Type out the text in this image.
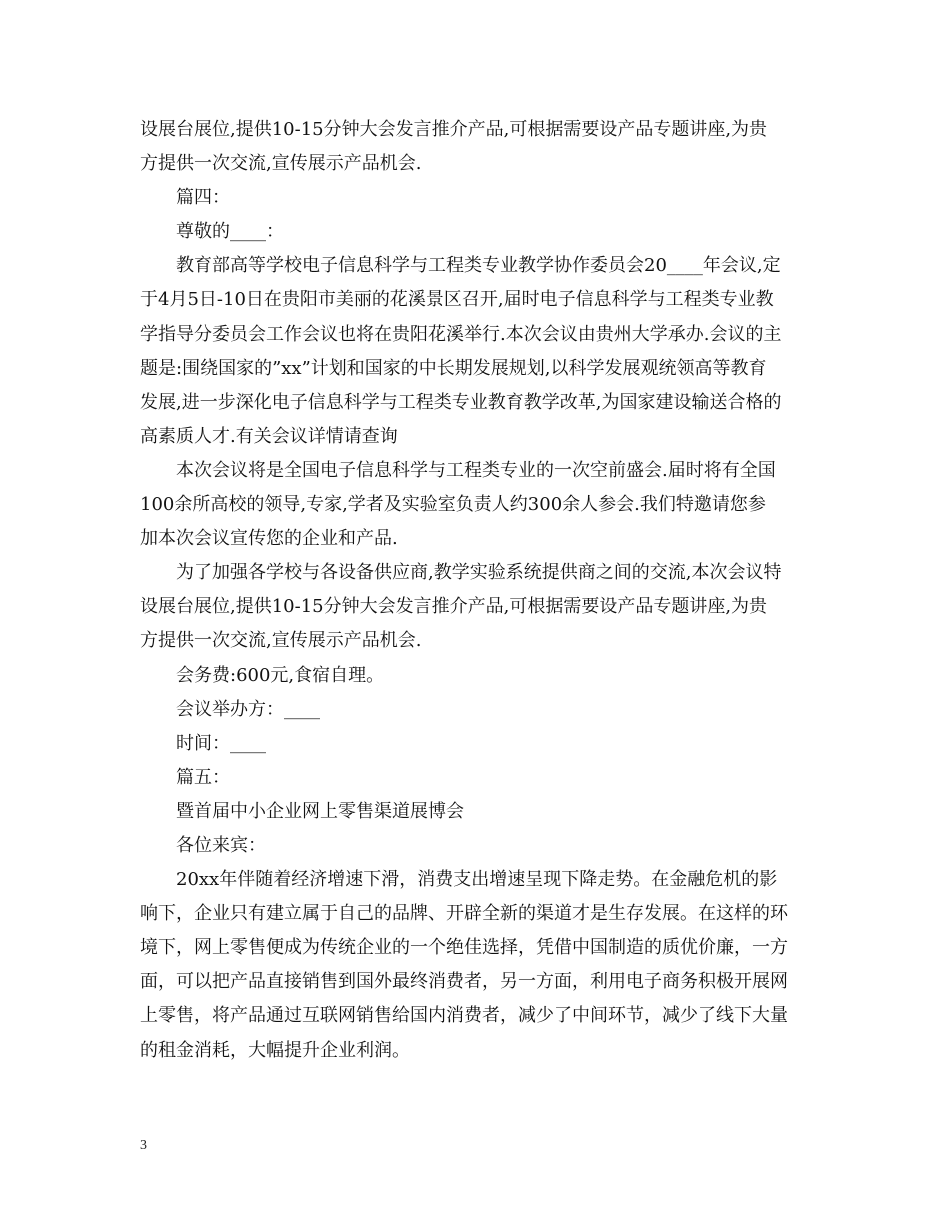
设展台展位,提供10-15分钟大会发言推介产品,可根据需要设产品专题讲座,为贵
方提供一次交流,宣传展示产品机会.
篇四：
尊敬的____：
教育部高等学校电子信息科学与工程类专业教学协作委员会20____年会议,定
于4月5日-10日在贵阳市美丽的花溪景区召开,届时电子信息科学与工程类专业教
学指导分委员会工作会议也将在贵阳花溪举行.本次会议由贵州大学承办.会议的主
题是:围绕国家的”xx”计划和国家的中长期发展规划,以科学发展观统领高等教育
发展,进一步深化电子信息科学与工程类专业教育教学改革,为国家建设输送合格的
高素质人才.有关会议详情请查询
本次会议将是全国电子信息科学与工程类专业的一次空前盛会.届时将有全国
100余所高校的领导,专家,学者及实验室负责人约300余人参会.我们特邀请您参
加本次会议宣传您的企业和产品.
为了加强各学校与各设备供应商,教学实验系统提供商之间的交流,本次会议特
设展台展位,提供10-15分钟大会发言推介产品,可根据需要设产品专题讲座,为贵
方提供一次交流,宣传展示产品机会.
会务费:600元,食宿自理。
会议举办方：____
时间：____
篇五：
暨首届中小企业网上零售渠道展博会
各位来宾：
20xx年伴随着经济增速下滑，消费支出增速呈现下降走势。在金融危机的影
响下，企业只有建立属于自己的品牌、开辟全新的渠道才是生存发展。在这样的环
境下，网上零售便成为传统企业的一个绝佳选择，凭借中国制造的质优价廉，一方
面，可以把产品直接销售到国外最终消费者，另一方面，利用电子商务积极开展网
上零售，将产品通过互联网销售给国内消费者，减少了中间环节，减少了线下大量
的租金消耗，大幅提升企业利润。
3
